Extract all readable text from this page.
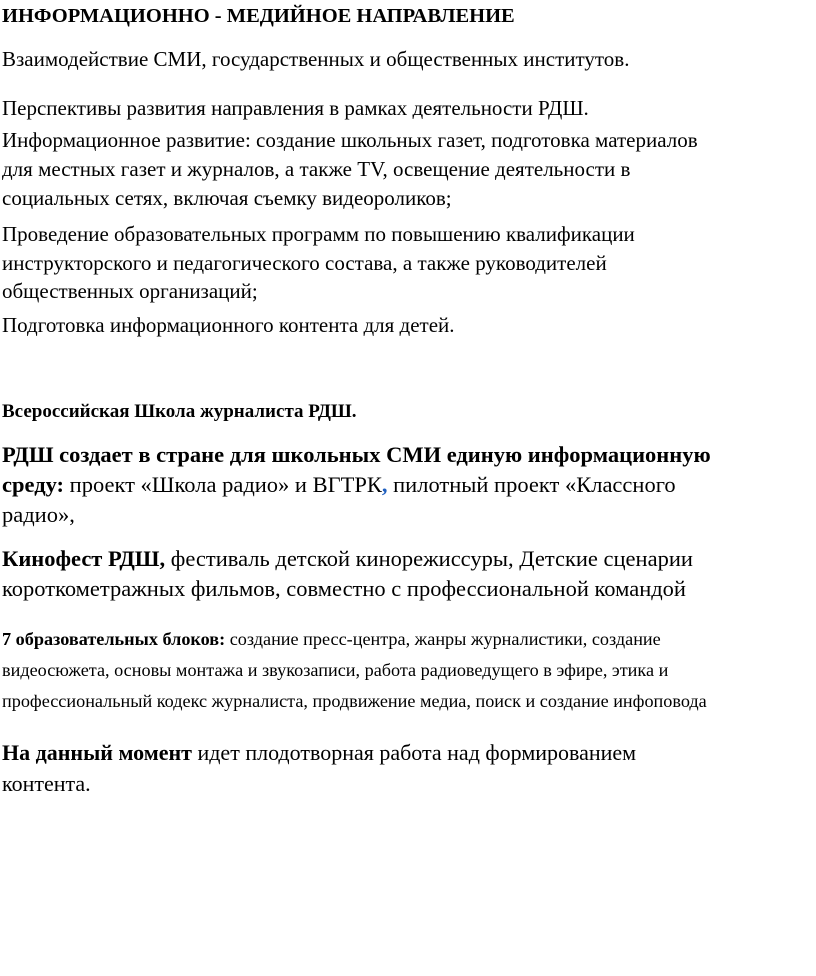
ИНФОРМАЦИОННО - МЕДИЙНОЕ НАПРАВЛЕНИЕ
Взаимодействие СМИ, государственных и общественных институтов.
Перспективы развития направления в рамках деятельности РДШ.
Информационное развитие: создание школьных газет, подготовка материалов
для местных газет и журналов, а также TV, освещение деятельности в
социальных сетях, включая съемку видеороликов;
Проведение образовательных программ по повышению квалификации
инструкторского и педагогического состава, а также руководителей
общественных организаций;
Подготовка информационного контента для детей.
Всероссийская Школа журналиста РДШ.
РДШ создает в стране для школьных СМИ единую информационную
среду: проект «Школа радио» и ВГТРК, пилотный проект «Классного
радио»,
Кинофест РДШ, фестиваль детской кинорежиссуры, Детские сценарии
короткометражных фильмов, совместно с профессиональной командой
7 образовательных блоков: создание пресс-центра, жанры журналистики, создание
видеосюжета, основы монтажа и звукозаписи, работа радиоведущего в эфире, этика и
профессиональный кодекс журналиста, продвижение медиа, поиск и создание инфоповода
На данный момент идет плодотворная работа над формированием
контента.
